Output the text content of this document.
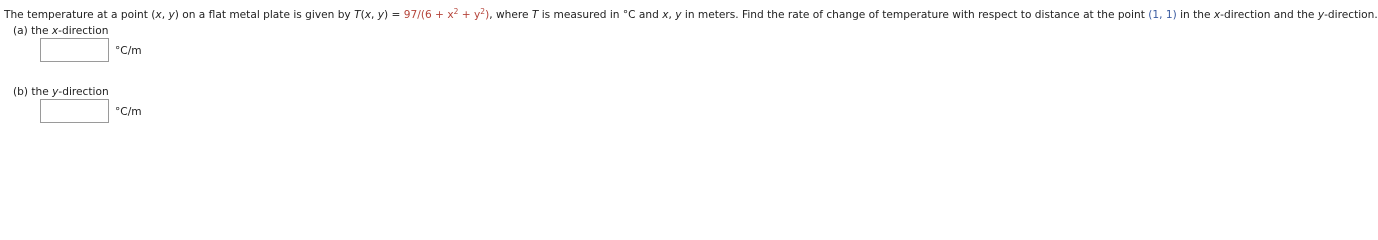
The temperature at a point (x, y) on a flat metal plate is given by T(x, $y) = 97/(6 + x^2 + y^2)$, where T is measured in °C and x, y in meters. Find the rate of change of temperature with respect to distance at the point (1, 1) in the x-direction and the y-direction.
(a) the x-direction
°C/m
(b) the y-direction
°C/m
